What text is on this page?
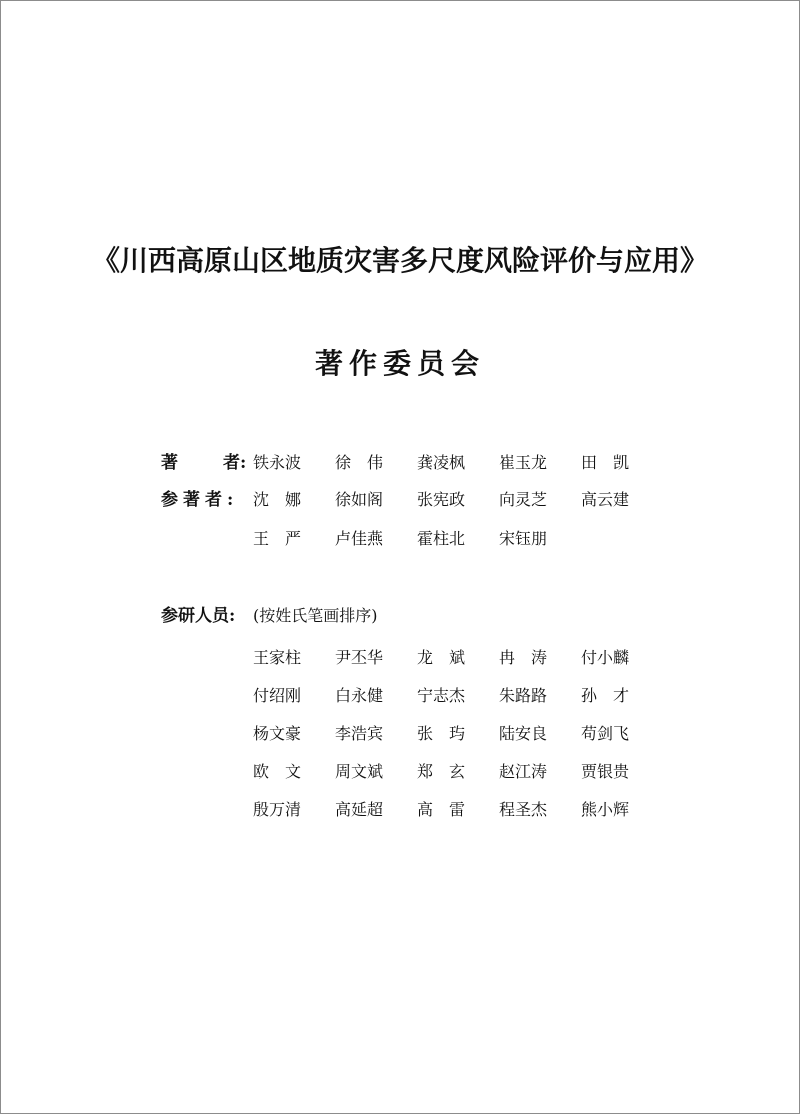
《川西高原山区地质灾害多尺度风险评价与应用》
著作委员会
著	者: 铁永波 徐　伟 龚凌枫 崔玉龙 田　凯
参著者: 沈　娜 徐如阁 张宪政 向灵芝 高云建
王　严 卢佳燕 霍柱北 宋钰朋
参研人员: (按姓氏笔画排序)
王家柱 尹丕华 龙　斌 冉　涛 付小麟
付绍刚 白永健 宁志杰 朱路路 孙　才
杨文豪 李浩宾 张　玙 陆安良 苟剑飞
欧　文 周文斌 郑　玄 赵江涛 贾银贵
殷万清 高延超 高　雷 程圣杰 熊小辉
